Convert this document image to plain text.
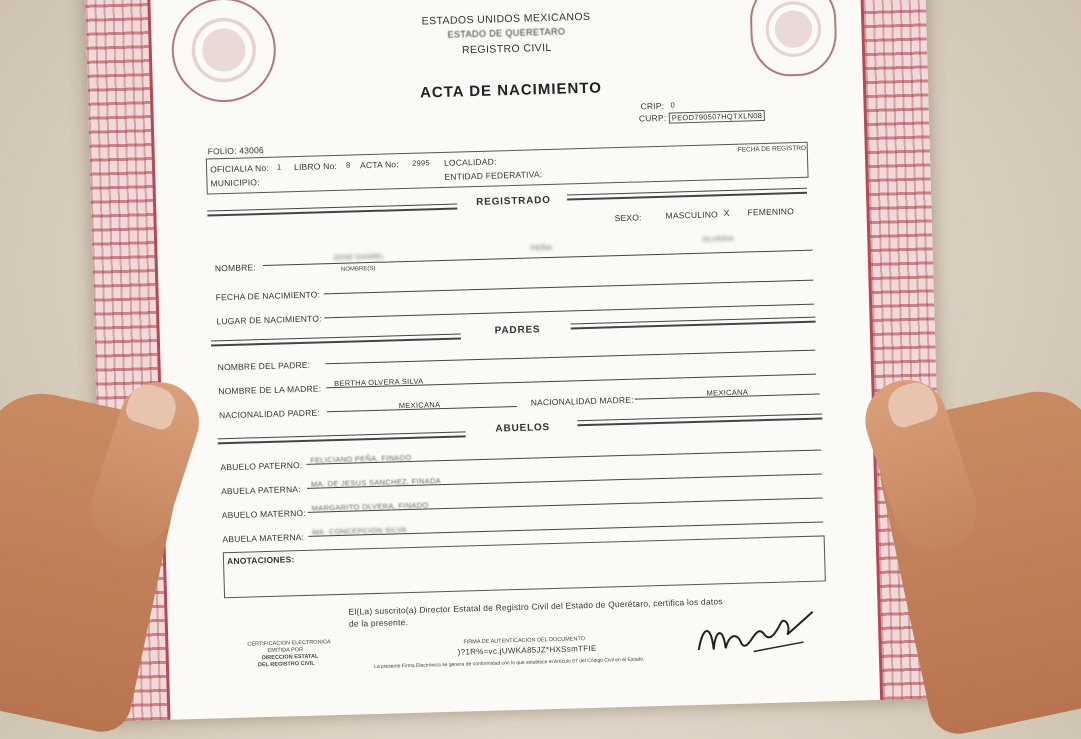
ESTADOS UNIDOS MEXICANOS
ESTADO DE QUERETARO
REGISTRO CIVIL
ACTA DE NACIMIENTO
CRIP: 0
CURP: PEOD790507HQTXLN08
FOLIO: 43006
OFICIALIA No: 1 LIBRO No: 8 ACTA No: 2995 LOCALIDAD:
MUNICIPIO:
ENTIDAD FEDERATIVA:
FECHA DE REGISTRO
REGISTRADO
SEXO:	MASCULINO X FEMENINO
NOMBRE:
JOSE DANIEL
PEÑA
OLVERA
NOMBRE(S)
FECHA DE NACIMIENTO:
LUGAR DE NACIMIENTO:
PADRES
NOMBRE DEL PADRE:
NOMBRE DE LA MADRE:
BERTHA OLVERA SILVA
NACIONALIDAD PADRE:
MEXICANA	NACIONALIDAD MADRE:
MEXICANA
ABUELOS
ABUELO PATERNO:
FELICIANO PEÑA, FINADO
ABUELA PATERNA:
MA. DE JESUS SANCHEZ, FINADA
ABUELO MATERNO:
MARGARITO OLVERA, FINADO
ABUELA MATERNA:
MA. CONCEPCION SILVA
ANOTACIONES:
El(La) suscrito(a) Director Estatal de Registro Civil del Estado de Querétaro, certifica los datos
de la presente.
CERTIFICACION ELECTRONICA
EMITIDA POR
DIRECCION ESTATAL
DEL REGISTRO CIVIL
FIRMA DE AUTENTICACIÓN DEL DOCUMENTO
)?1R%=vc.jUWKA85JZ*HXSsmTFIE
La presente Firma Electrónica se genera de conformidad con lo que establece el Artículo 57 del Código Civil en el Estado.
